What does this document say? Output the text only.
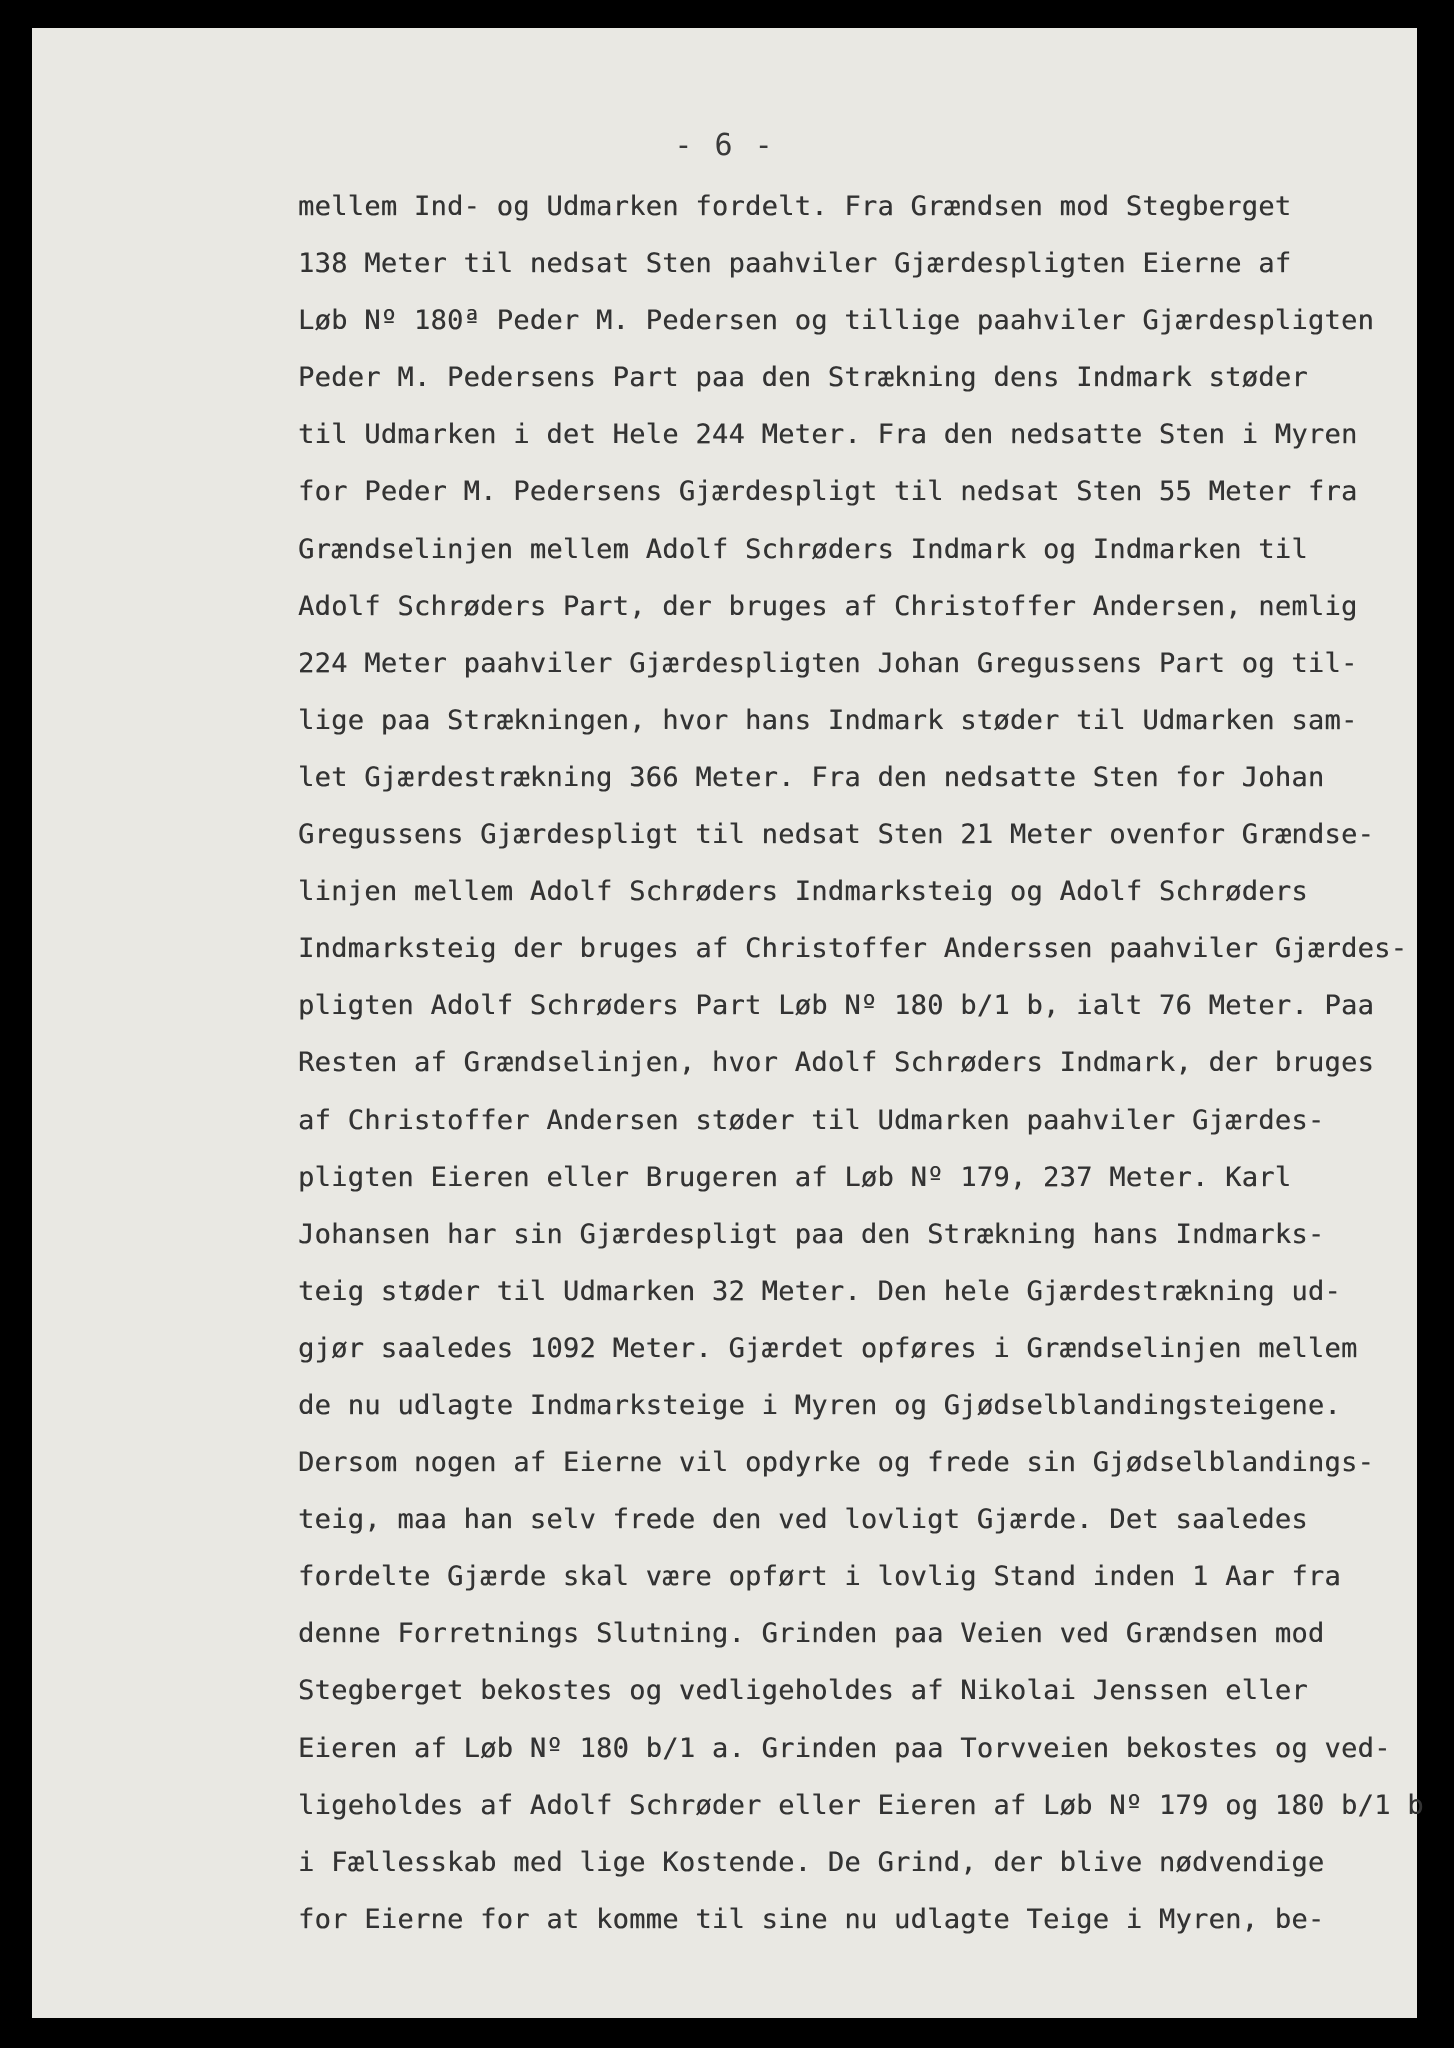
- 6 -
mellem Ind- og Udmarken fordelt. Fra Grændsen mod Stegberget
138 Meter til nedsat Sten paahviler Gjærdespligten Eierne af
Løb Nº 180ª Peder M. Pedersen og tillige paahviler Gjærdespligten
Peder M. Pedersens Part paa den Strækning dens Indmark støder
til Udmarken i det Hele 244 Meter. Fra den nedsatte Sten i Myren
for Peder M. Pedersens Gjærdespligt til nedsat Sten 55 Meter fra
Grændselinjen mellem Adolf Schrøders Indmark og Indmarken til
Adolf Schrøders Part, der bruges af Christoffer Andersen, nemlig
224 Meter paahviler Gjærdespligten Johan Gregussens Part og til-
lige paa Strækningen, hvor hans Indmark støder til Udmarken sam-
let Gjærdestrækning 366 Meter. Fra den nedsatte Sten for Johan
Gregussens Gjærdespligt til nedsat Sten 21 Meter ovenfor Grændse-
linjen mellem Adolf Schrøders Indmarksteig og Adolf Schrøders
Indmarksteig der bruges af Christoffer Anderssen paahviler Gjærdes-
pligten Adolf Schrøders Part Løb Nº 180 b/1 b, ialt 76 Meter. Paa
Resten af Grændselinjen, hvor Adolf Schrøders Indmark, der bruges
af Christoffer Andersen støder til Udmarken paahviler Gjærdes-
pligten Eieren eller Brugeren af Løb Nº 179, 237 Meter. Karl
Johansen har sin Gjærdespligt paa den Strækning hans Indmarks-
teig støder til Udmarken 32 Meter. Den hele Gjærdestrækning ud-
gjør saaledes 1092 Meter. Gjærdet opføres i Grændselinjen mellem
de nu udlagte Indmarksteige i Myren og Gjødselblandingsteigene.
Dersom nogen af Eierne vil opdyrke og frede sin Gjødselblandings-
teig, maa han selv frede den ved lovligt Gjærde. Det saaledes
fordelte Gjærde skal være opført i lovlig Stand inden 1 Aar fra
denne Forretnings Slutning. Grinden paa Veien ved Grændsen mod
Stegberget bekostes og vedligeholdes af Nikolai Jenssen eller
Eieren af Løb Nº 180 b/1 a. Grinden paa Torvveien bekostes og ved-
ligeholdes af Adolf Schrøder eller Eieren af Løb Nº 179 og 180 b/1 b
i Fællesskab med lige Kostende. De Grind, der blive nødvendige
for Eierne for at komme til sine nu udlagte Teige i Myren, be-
